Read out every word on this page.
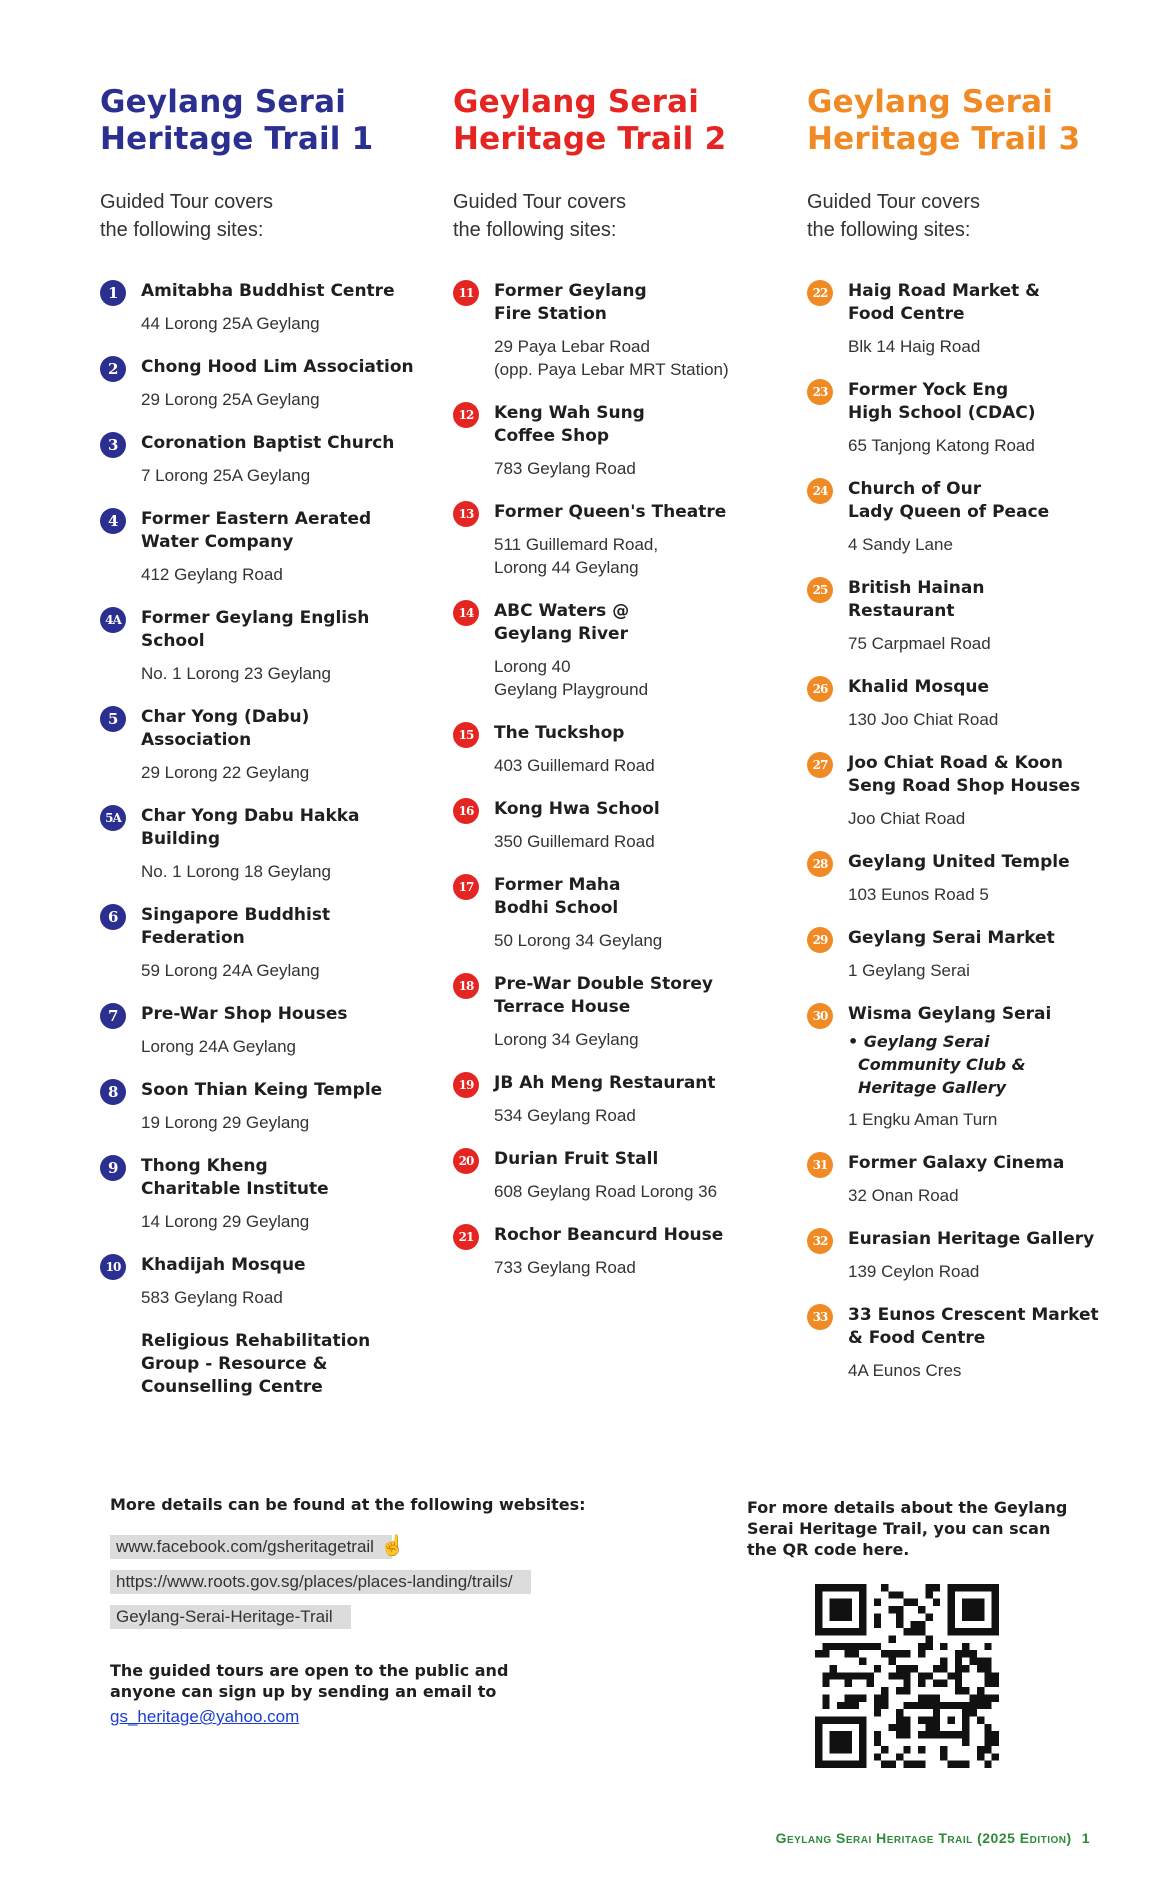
Geylang Serai
Heritage Trail 1
Guided Tour covers
the following sites:
1	Amitabha Buddhist Centre
44 Lorong 25A Geylang
2	Chong Hood Lim Association
29 Lorong 25A Geylang
3	Coronation Baptist Church
7 Lorong 25A Geylang
4	Former Eastern Aerated
Water Company
412 Geylang Road
4A	Former Geylang English
School
No. 1 Lorong 23 Geylang
5	Char Yong (Dabu)
Association
29 Lorong 22 Geylang
5A	Char Yong Dabu Hakka
Building
No. 1 Lorong 18 Geylang
6	Singapore Buddhist
Federation
59 Lorong 24A Geylang
7	Pre-War Shop Houses
Lorong 24A Geylang
8	Soon Thian Keing Temple
19 Lorong 29 Geylang
9	Thong Kheng
Charitable Institute
14 Lorong 29 Geylang
10	Khadijah Mosque
583 Geylang Road
Religious Rehabilitation
Group - Resource &
Counselling Centre
Geylang Serai
Heritage Trail 2
Guided Tour covers
the following sites:
11	Former Geylang
Fire Station
29 Paya Lebar Road
(opp. Paya Lebar MRT Station)
12	Keng Wah Sung
Coffee Shop
783 Geylang Road
13	Former Queen's Theatre
511 Guillemard Road,
Lorong 44 Geylang
14	ABC Waters @
Geylang River
Lorong 40
Geylang Playground
15	The Tuckshop
403 Guillemard Road
16	Kong Hwa School
350 Guillemard Road
17	Former Maha
Bodhi School
50 Lorong 34 Geylang
18	Pre-War Double Storey
Terrace House
Lorong 34 Geylang
19	JB Ah Meng Restaurant
534 Geylang Road
20	Durian Fruit Stall
608 Geylang Road Lorong 36
21	Rochor Beancurd House
733 Geylang Road
Geylang Serai
Heritage Trail 3
Guided Tour covers
the following sites:
22	Haig Road Market &
Food Centre
Blk 14 Haig Road
23	Former Yock Eng
High School (CDAC)
65 Tanjong Katong Road
24	Church of Our
Lady Queen of Peace
4 Sandy Lane
25	British Hainan
Restaurant
75 Carpmael Road
26	Khalid Mosque
130 Joo Chiat Road
27	Joo Chiat Road & Koon
Seng Road Shop Houses
Joo Chiat Road
28	Geylang United Temple
103 Eunos Road 5
29	Geylang Serai Market
1 Geylang Serai
30	Wisma Geylang Serai
• Geylang Serai
Community Club &
Heritage Gallery
1 Engku Aman Turn
31	Former Galaxy Cinema
32 Onan Road
32	Eurasian Heritage Gallery
139 Ceylon Road
33	33 Eunos Crescent Market
& Food Centre
4A Eunos Cres
More details can be found at the following websites:
www.facebook.com/gsheritagetrail ☝
https://www.roots.gov.sg/places/places-landing/trails/
Geylang-Serai-Heritage-Trail
The guided tours are open to the public and
anyone can sign up by sending an email to
gs_heritage@yahoo.com
For more details about the Geylang
Serai Heritage Trail, you can scan
the QR code here.
Geylang Serai Heritage Trail (2025 Edition) 1
